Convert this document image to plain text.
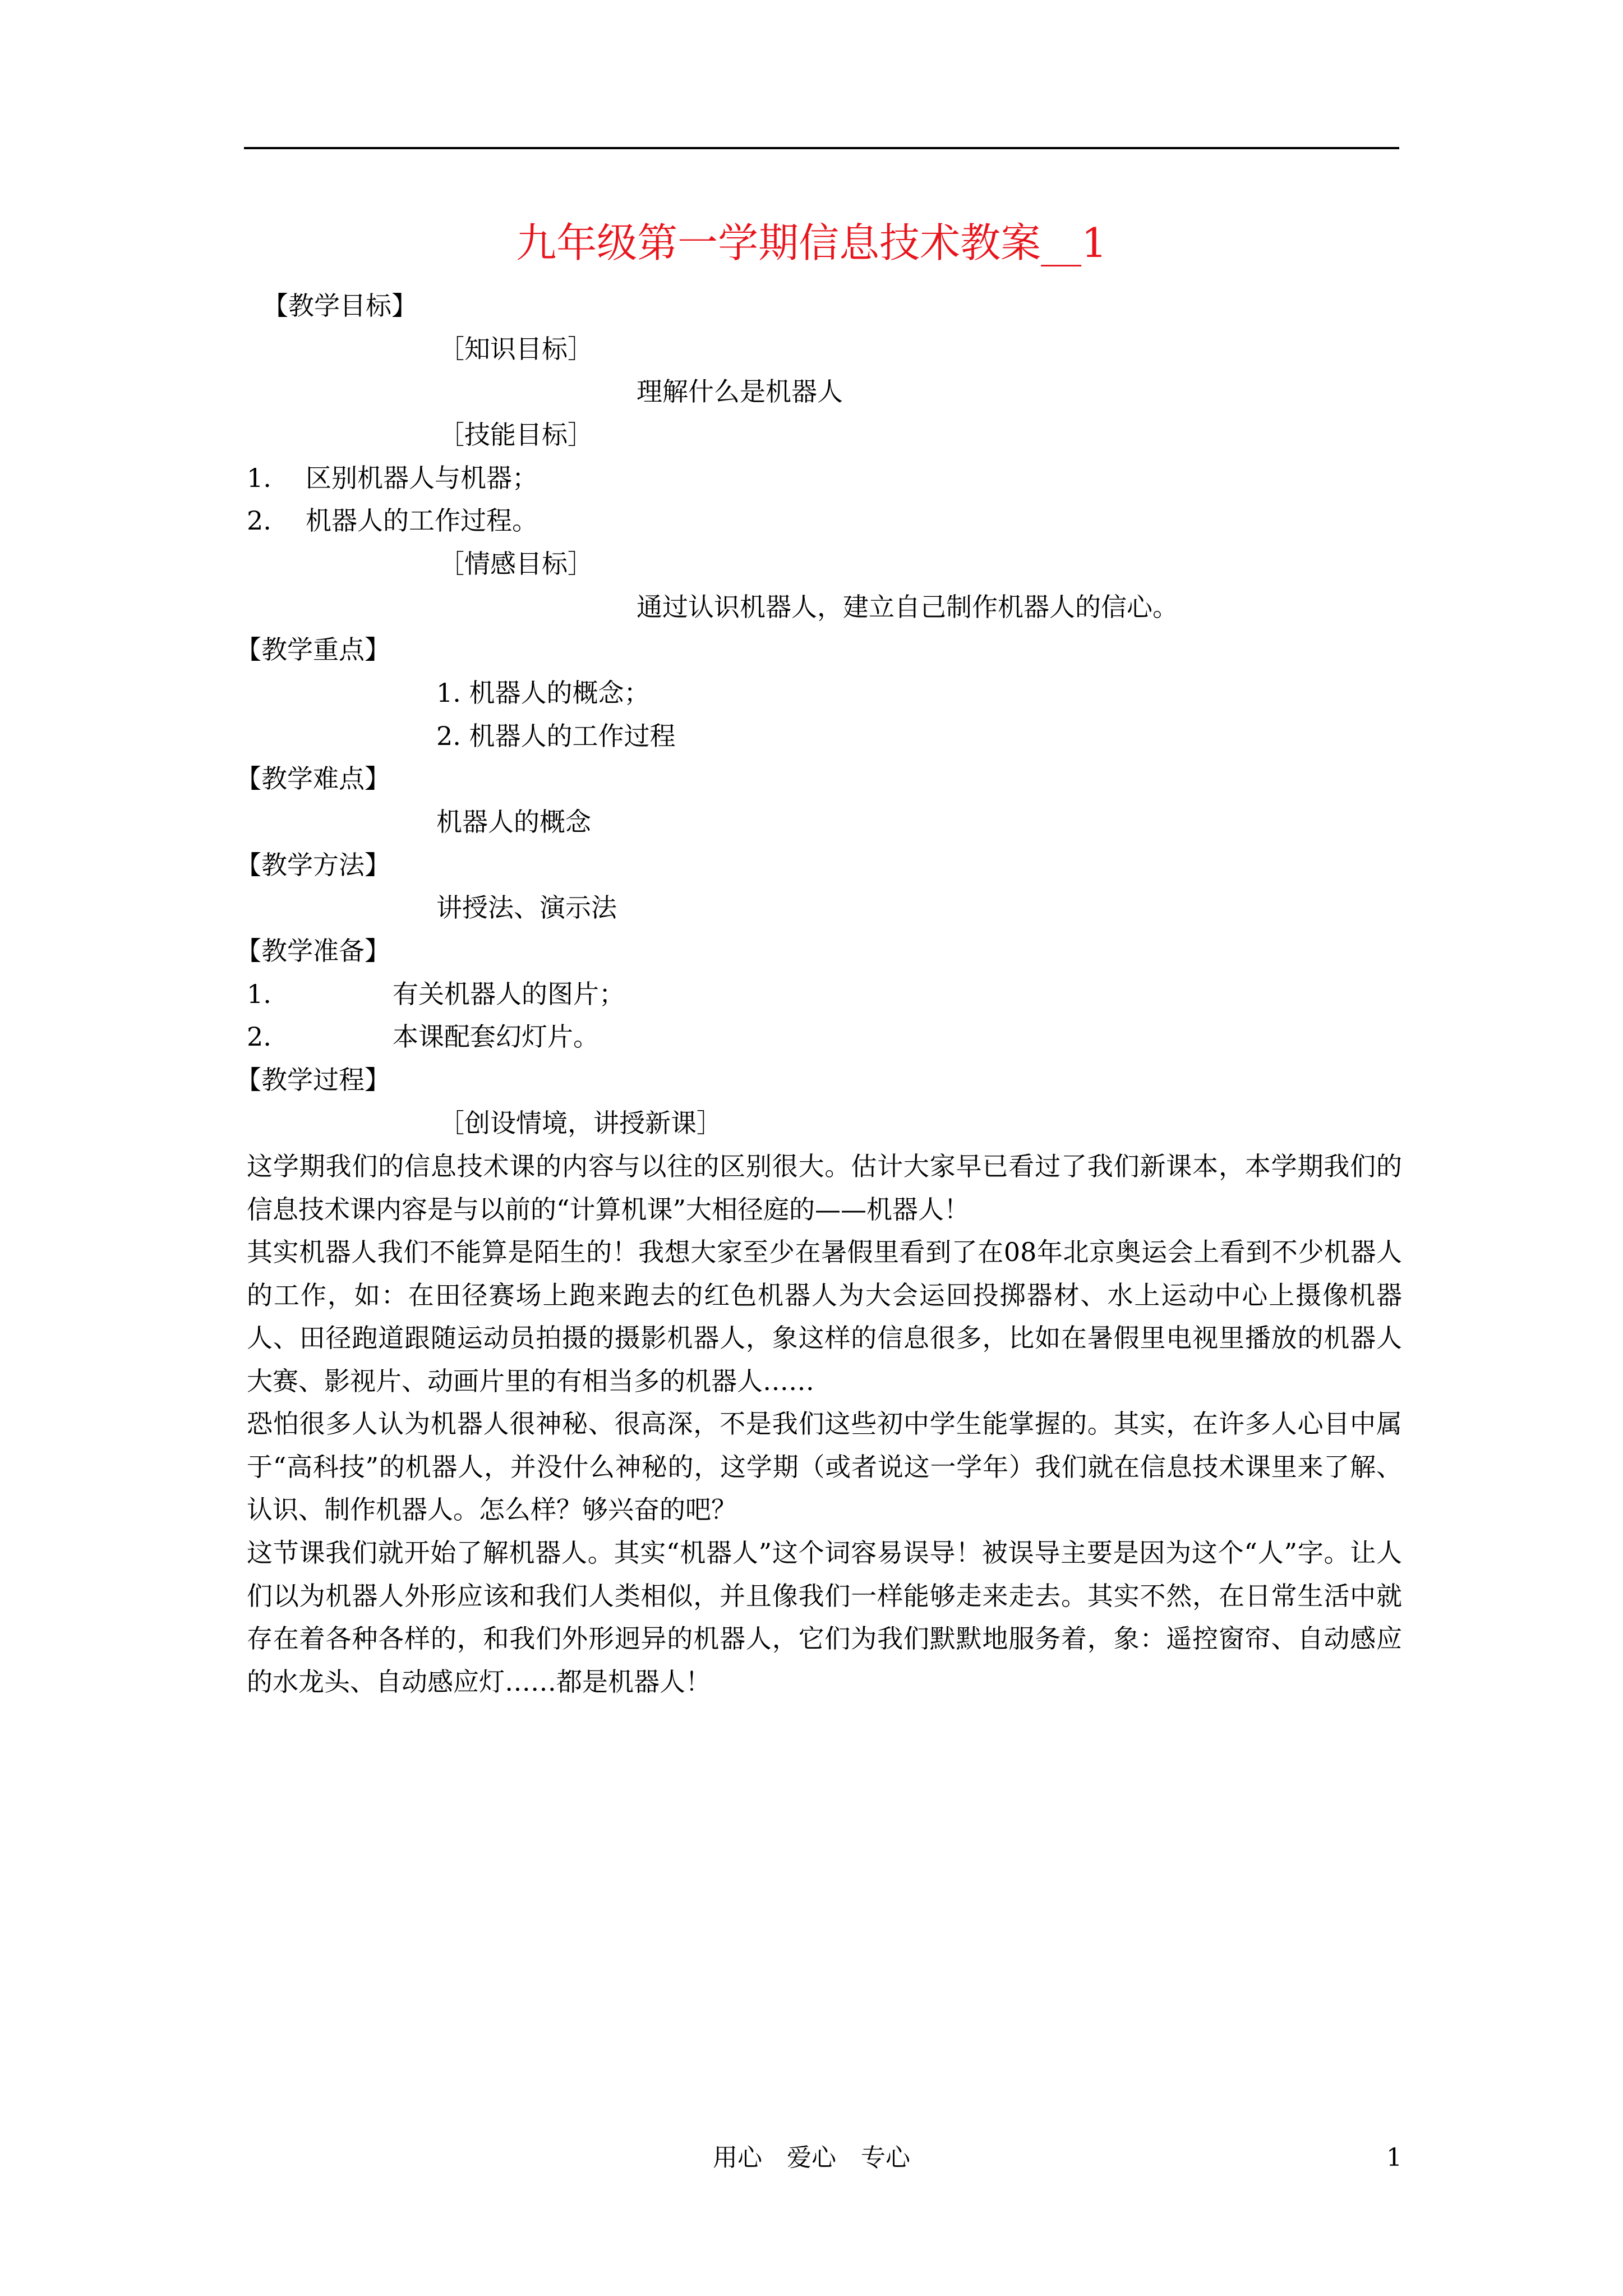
九年级第一学期信息技术教案__1
【教学目标】
［知识目标］
理解什么是机器人
［技能目标］
1. 区别机器人与机器；
2. 机器人的工作过程。
［情感目标］
通过认识机器人，建立自己制作机器人的信心。
【教学重点】
1. 机器人的概念；
2. 机器人的工作过程
【教学难点】
机器人的概念
【教学方法】
讲授法、演示法
【教学准备】
1.	有关机器人的图片；
2.	本课配套幻灯片。
【教学过程】
［创设情境，讲授新课］
这学期我们的信息技术课的内容与以往的区别很大。估计大家早已看过了我们新课本，本学期我们的信息技术课内容是与以前的“计算机课”大相径庭的——机器人！
其实机器人我们不能算是陌生的！我想大家至少在暑假里看到了在08年北京奥运会上看到不少机器人的工作，如：在田径赛场上跑来跑去的红色机器人为大会运回投掷器材、水上运动中心上摄像机器人、田径跑道跟随运动员拍摄的摄影机器人，象这样的信息很多，比如在暑假里电视里播放的机器人大赛、影视片、动画片里的有相当多的机器人……
恐怕很多人认为机器人很神秘、很高深，不是我们这些初中学生能掌握的。其实，在许多人心目中属于“高科技”的机器人，并没什么神秘的，这学期（或者说这一学年）我们就在信息技术课里来了解、认识、制作机器人。怎么样？够兴奋的吧？
这节课我们就开始了解机器人。其实“机器人”这个词容易误导！被误导主要是因为这个“人”字。让人们以为机器人外形应该和我们人类相似，并且像我们一样能够走来走去。其实不然，在日常生活中就存在着各种各样的，和我们外形迥异的机器人，它们为我们默默地服务着，象：遥控窗帘、自动感应的水龙头、自动感应灯……都是机器人！
用心　爱心　专心	1
